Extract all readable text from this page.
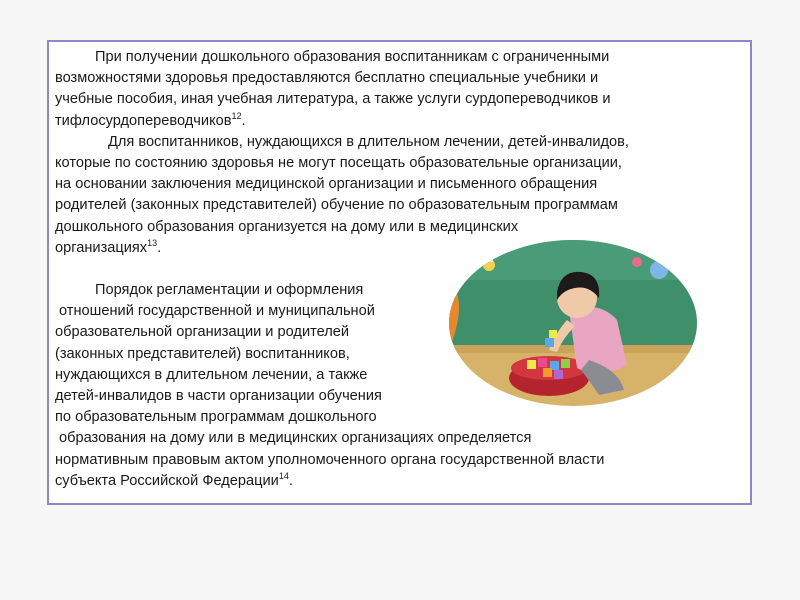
При получении дошкольного образования воспитанникам с ограниченными
возможностями здоровья предоставляются бесплатно специальные учебники и
учебные пособия, иная учебная литература, а также услуги сурдопереводчиков и
тифлосурдопереводчиков$^{12}$.
Для воспитанников, нуждающихся в длительном лечении, детей-инвалидов,
которые по состоянию здоровья не могут посещать образовательные организации,
на основании заключения медицинской организации и письменного обращения
родителей (законных представителей) обучение по образовательным программам
дошкольного образования организуется на дому или в медицинских
организациях$^{13}$.
Порядок регламентации и оформления
отношений государственной и муниципальной
образовательной организации и родителей
(законных представителей) воспитанников,
нуждающихся в длительном лечении, а также
детей-инвалидов в части организации обучения
по образовательным программам дошкольного
образования на дому или в медицинских организациях определяется
нормативным правовым актом уполномоченного органа государственной власти
субъекта Российской Федерации$^{14}$.
